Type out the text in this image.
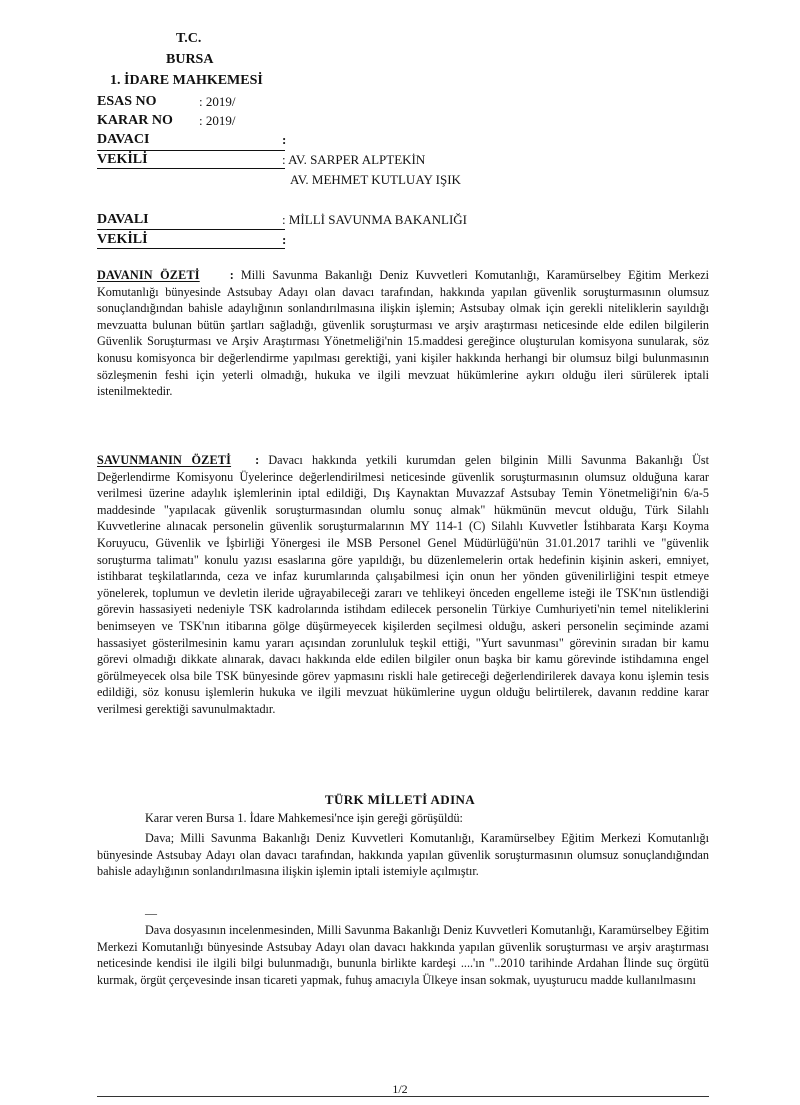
T.C.
BURSA
1. İDARE MAHKEMESİ
ESAS NO	: 2019/
KARAR NO : 2019/
DAVACI	:
VEKİLİ	: AV. SARPER ALPTEKİN
AV. MEHMET KUTLUAY IŞIK
DAVALI	: MİLLİ SAVUNMA BAKANLIĞI
VEKİLİ	:
DAVANIN ÖZETİ : Milli Savunma Bakanlığı Deniz Kuvvetleri Komutanlığı, Karamürselbey Eğitim Merkezi Komutanlığı bünyesinde Astsubay Adayı olan davacı tarafından, hakkında yapılan güvenlik soruşturmasının olumsuz sonuçlandığından bahisle adaylığının sonlandırılmasına ilişkin işlemin; Astsubay olmak için gerekli niteliklerin sayıldığı mevzuatta bulunan bütün şartları sağladığı, güvenlik soruşturması ve arşiv araştırması neticesinde elde edilen bilgilerin Güvenlik Soruşturması ve Arşiv Araştırması Yönetmeliği'nin 15.maddesi gereğince oluşturulan komisyona sunularak, söz konusu komisyonca bir değerlendirme yapılması gerektiği, yani kişiler hakkında herhangi bir olumsuz bilgi bulunmasının sözleşmenin feshi için yeterli olmadığı, hukuka ve ilgili mevzuat hükümlerine aykırı olduğu ileri sürülerek iptali istenilmektedir.
SAVUNMANIN ÖZETİ : Davacı hakkında yetkili kurumdan gelen bilginin Milli Savunma Bakanlığı Üst Değerlendirme Komisyonu Üyelerince değerlendirilmesi neticesinde güvenlik soruşturmasının olumsuz olduğuna karar verilmesi üzerine adaylık işlemlerinin iptal edildiği, Dış Kaynaktan Muvazzaf Astsubay Temin Yönetmeliği'nin 6/a-5 maddesinde "yapılacak güvenlik soruşturmasından olumlu sonuç almak" hükmünün mevcut olduğu, Türk Silahlı Kuvvetlerine alınacak personelin güvenlik soruşturmalarının MY 114-1 (C) Silahlı Kuvvetler İstihbarata Karşı Koyma Koruyucu, Güvenlik ve İşbirliği Yönergesi ile MSB Personel Genel Müdürlüğü'nün 31.01.2017 tarihli ve "güvenlik soruşturma talimatı" konulu yazısı esaslarına göre yapıldığı, bu düzenlemelerin ortak hedefinin kişinin askeri, emniyet, istihbarat teşkilatlarında, ceza ve infaz kurumlarında çalışabilmesi için onun her yönden güvenilirliğini tespit etmeye yönelerek, toplumun ve devletin ileride uğrayabileceği zararı ve tehlikeyi önceden engelleme isteği ile TSK'nın üstlendiği görevin hassasiyeti nedeniyle TSK kadrolarında istihdam edilecek personelin Türkiye Cumhuriyeti'nin temel niteliklerini benimseyen ve TSK'nın itibarına gölge düşürmeyecek kişilerden seçilmesi olduğu, askeri personelin seçiminde azami hassasiyet gösterilmesinin kamu yararı açısından zorunluluk teşkil ettiği, "Yurt savunması" görevinin sıradan bir kamu görevi olmadığı dikkate alınarak, davacı hakkında elde edilen bilgiler onun başka bir kamu görevinde istihdamına engel görülmeyecek olsa bile TSK bünyesinde görev yapmasını riskli hale getireceği değerlendirilerek davaya konu işlemin tesis edildiği, söz konusu işlemlerin hukuka ve ilgili mevzuat hükümlerine uygun olduğu belirtilerek, davanın reddine karar verilmesi gerektiği savunulmaktadır.
TÜRK MİLLETİ ADINA
Karar veren Bursa 1. İdare Mahkemesi'nce işin gereği görüşüldü:
Dava; Milli Savunma Bakanlığı Deniz Kuvvetleri Komutanlığı, Karamürselbey Eğitim Merkezi Komutanlığı bünyesinde Astsubay Adayı olan davacı tarafından, hakkında yapılan güvenlik soruşturmasının olumsuz sonuçlandığından bahisle adaylığının sonlandırılmasına ilişkin işlemin iptali istemiyle açılmıştır.
—
Dava dosyasının incelenmesinden, Milli Savunma Bakanlığı Deniz Kuvvetleri Komutanlığı, Karamürselbey Eğitim Merkezi Komutanlığı bünyesinde Astsubay Adayı olan davacı hakkında yapılan güvenlik soruşturması ve arşiv araştırması neticesinde kendisi ile ilgili bilgi bulunmadığı, bununla birlikte kardeşi ....'ın "..2010 tarihinde Ardahan İlinde suç örgütü kurmak, örgüt çerçevesinde insan ticareti yapmak, fuhuş amacıyla Ülkeye insan sokmak, uyuşturucu madde kullanılmasını
1/2
